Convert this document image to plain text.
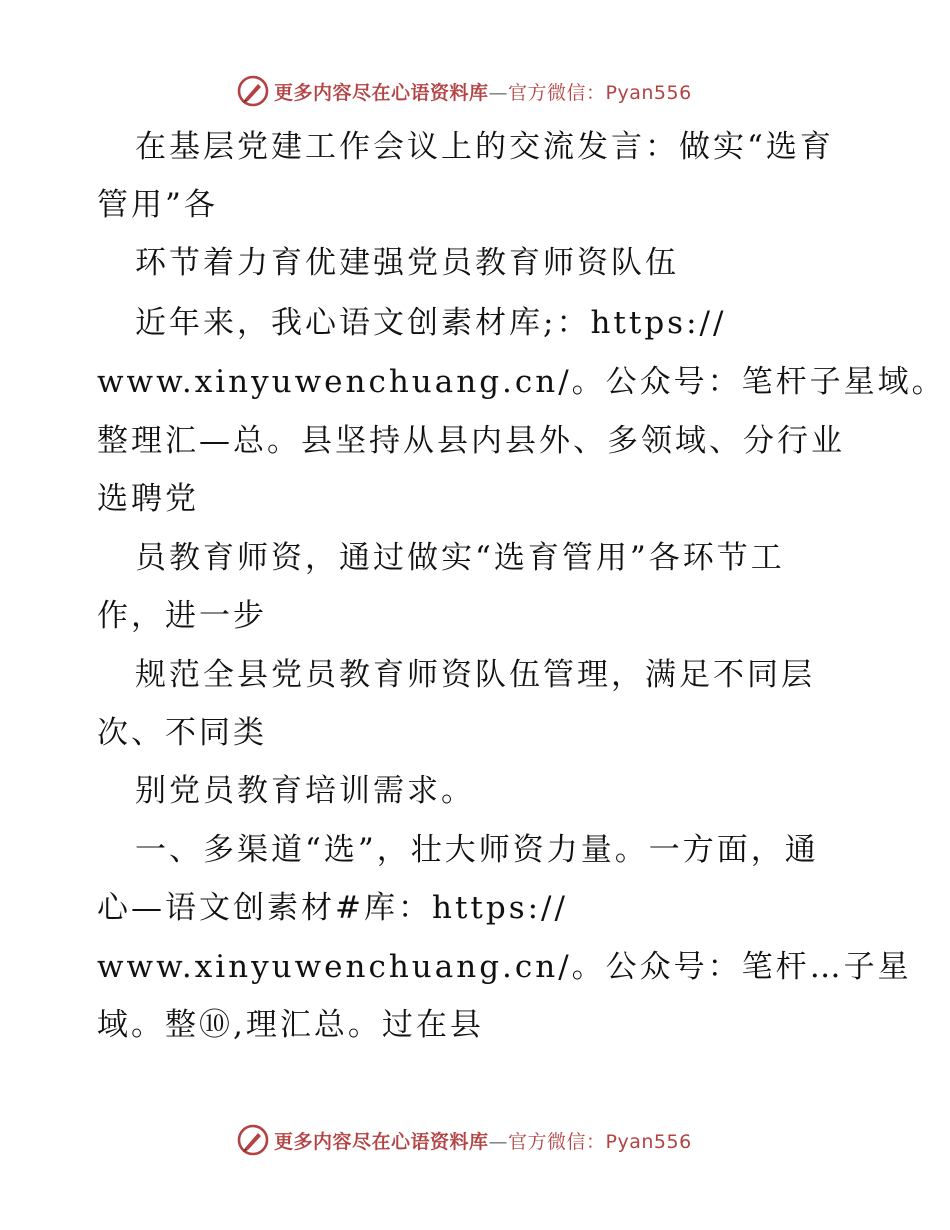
更多内容尽在心语资料库—官方微信：Pyan556
在基层党建工作会议上的交流发言：做实“选育
管用”各
环节着力育优建强党员教育师资队伍
近年来，我心语文创素材库;：https://
www.xinyuwenchuang.cn/。公众号：笔杆子星域。
整理汇—总。县坚持从县内县外、多领域、分行业
选聘党
员教育师资，通过做实“选育管用”各环节工
作，进一步
规范全县党员教育师资队伍管理，满足不同层
次、不同类
别党员教育培训需求。
一、多渠道“选”，壮大师资力量。一方面，通
心—语文创素材#库：https://
www.xinyuwenchuang.cn/。公众号：笔杆…子星
域。整⑩,理汇总。过在县
更多内容尽在心语资料库—官方微信：Pyan556
